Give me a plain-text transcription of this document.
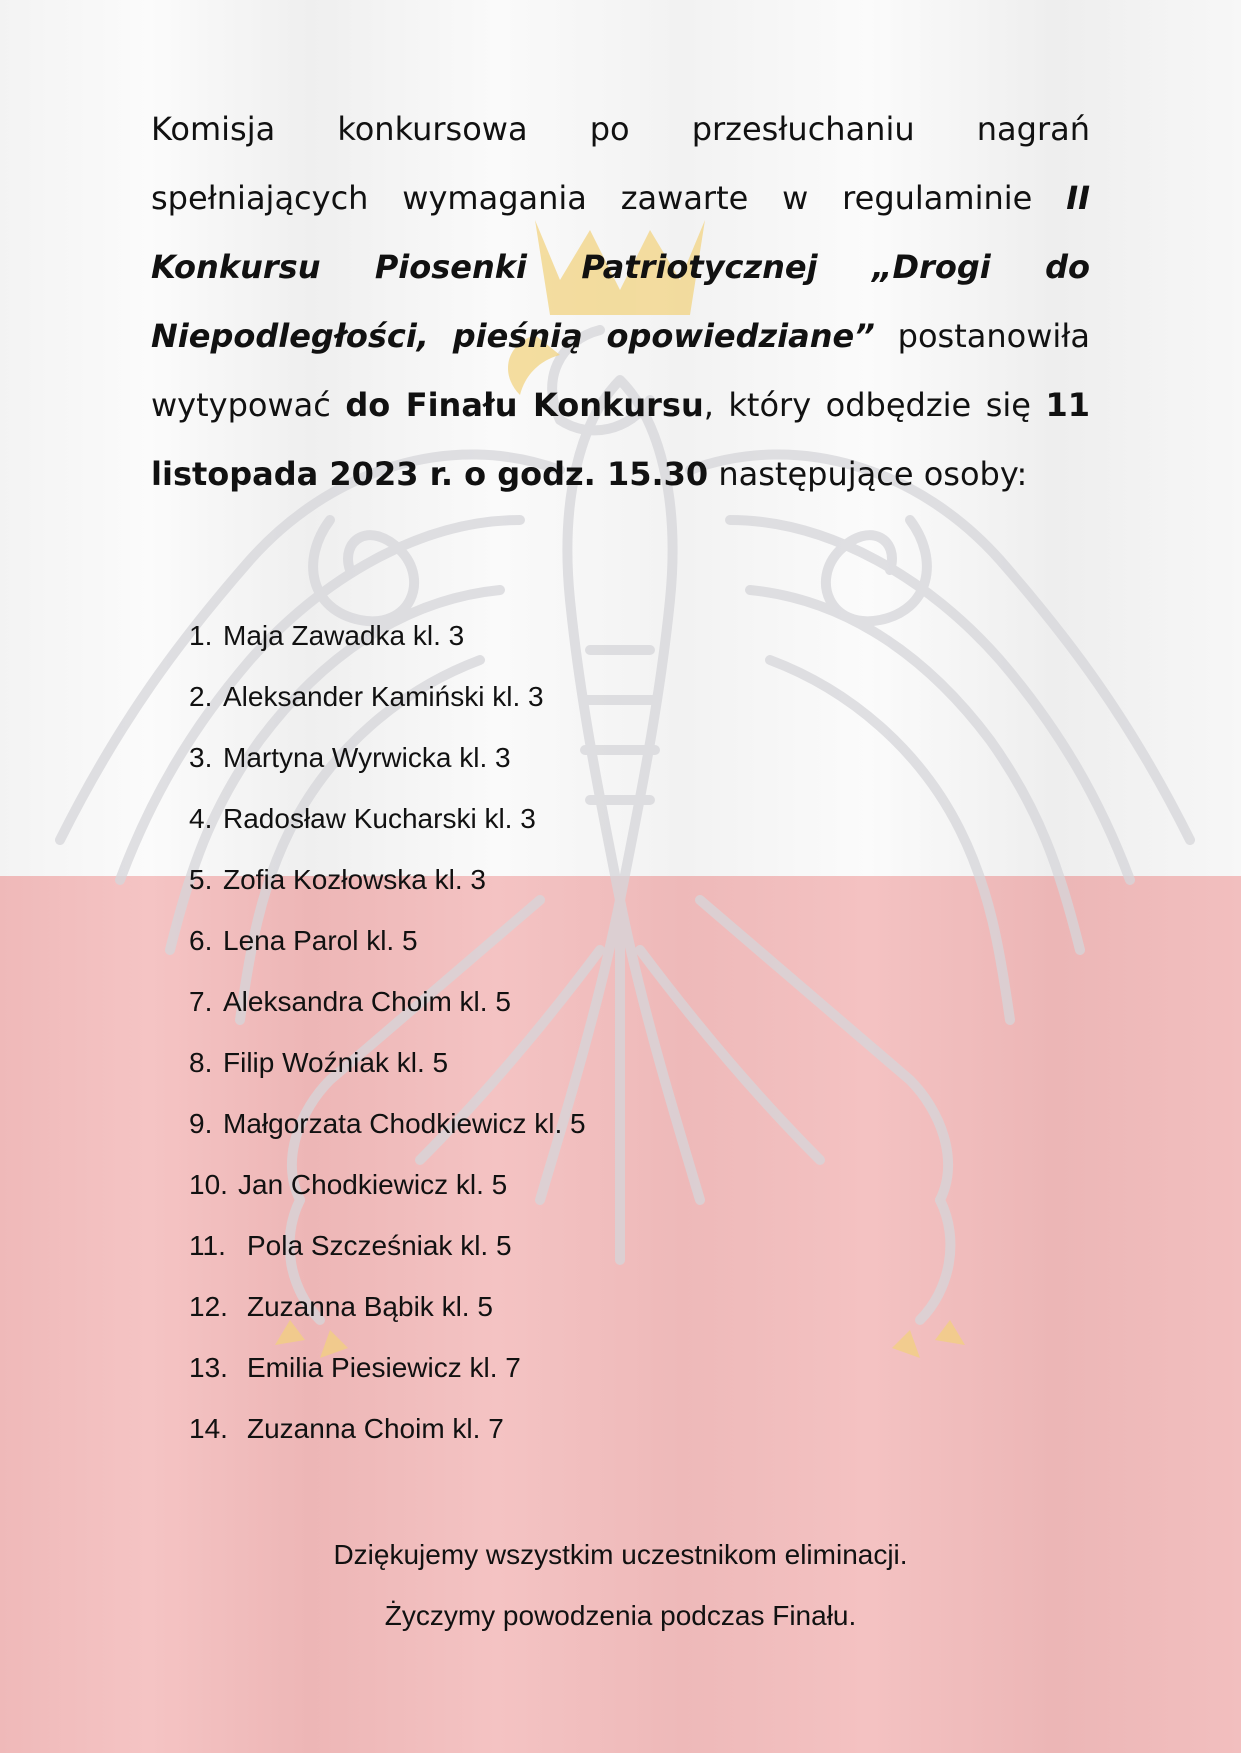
Komisja konkursowa po przesłuchaniu nagrań spełniających wymagania zawarte w regulaminie II Konkursu Piosenki Patriotycznej „Drogi do Niepodległości, pieśnią opowiedziane” postanowiła wytypować do Finału Konkursu, który odbędzie się 11 listopada 2023 r. o godz. 15.30 następujące osoby:

1. Maja Zawadka kl. 3
2. Aleksander Kamiński kl. 3
3. Martyna Wyrwicka kl. 3
4. Radosław Kucharski kl. 3
5. Zofia Kozłowska kl. 3
6. Lena Parol kl. 5
7. Aleksandra Choim kl. 5
8. Filip Woźniak kl. 5
9. Małgorzata Chodkiewicz kl. 5
10. Jan Chodkiewicz kl. 5
11. Pola Szcześniak kl. 5
12. Zuzanna Bąbik kl. 5
13. Emilia Piesiewicz kl. 7
14. Zuzanna Choim kl. 7

Dziękujemy wszystkim uczestnikom eliminacji.

Życzymy powodzenia podczas Finału.
